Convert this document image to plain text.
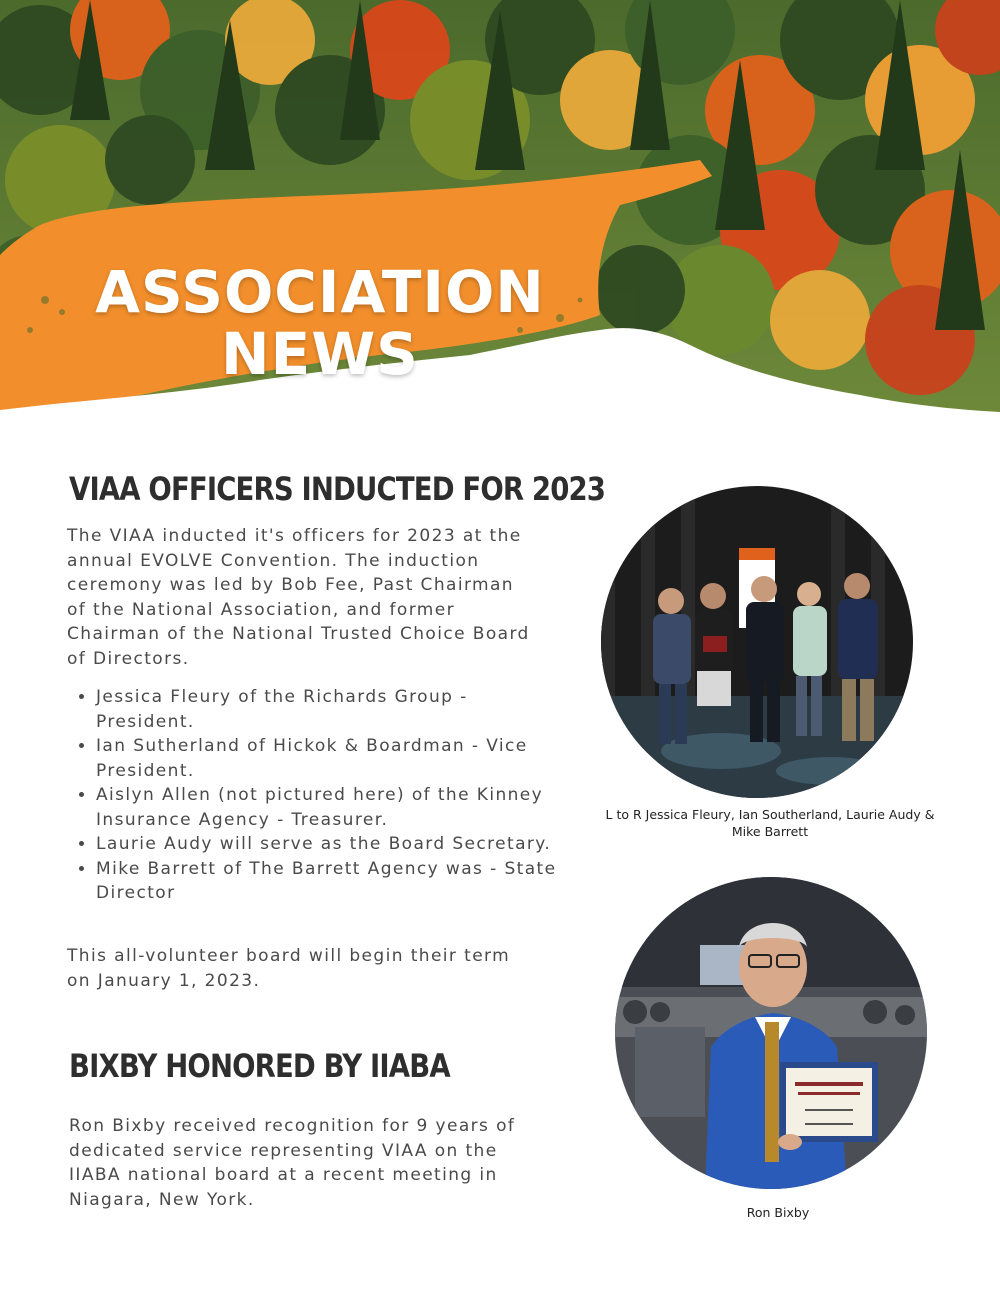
ASSOCIATION
NEWS
VIAA OFFICERS INDUCTED FOR 2023

The VIAA inducted it's officers for 2023 at the annual EVOLVE Convention. The induction ceremony was led by Bob Fee, Past Chairman of the National Association, and former Chairman of the National Trusted Choice Board of Directors.

• Jessica Fleury of the Richards Group - President.
• Ian Sutherland of Hickok & Boardman - Vice President.
• Aislyn Allen (not pictured here) of the Kinney Insurance Agency - Treasurer.
• Laurie Audy will serve as the Board Secretary.
• Mike Barrett of The Barrett Agency was - State Director

This all-volunteer board will begin their term on January 1, 2023.

L to R Jessica Fleury, Ian Southerland, Laurie Audy & Mike Barrett
BIXBY HONORED BY IIABA

Ron Bixby received recognition for 9 years of dedicated service representing VIAA on the IIABA national board at a recent meeting in Niagara, New York.

Ron Bixby
